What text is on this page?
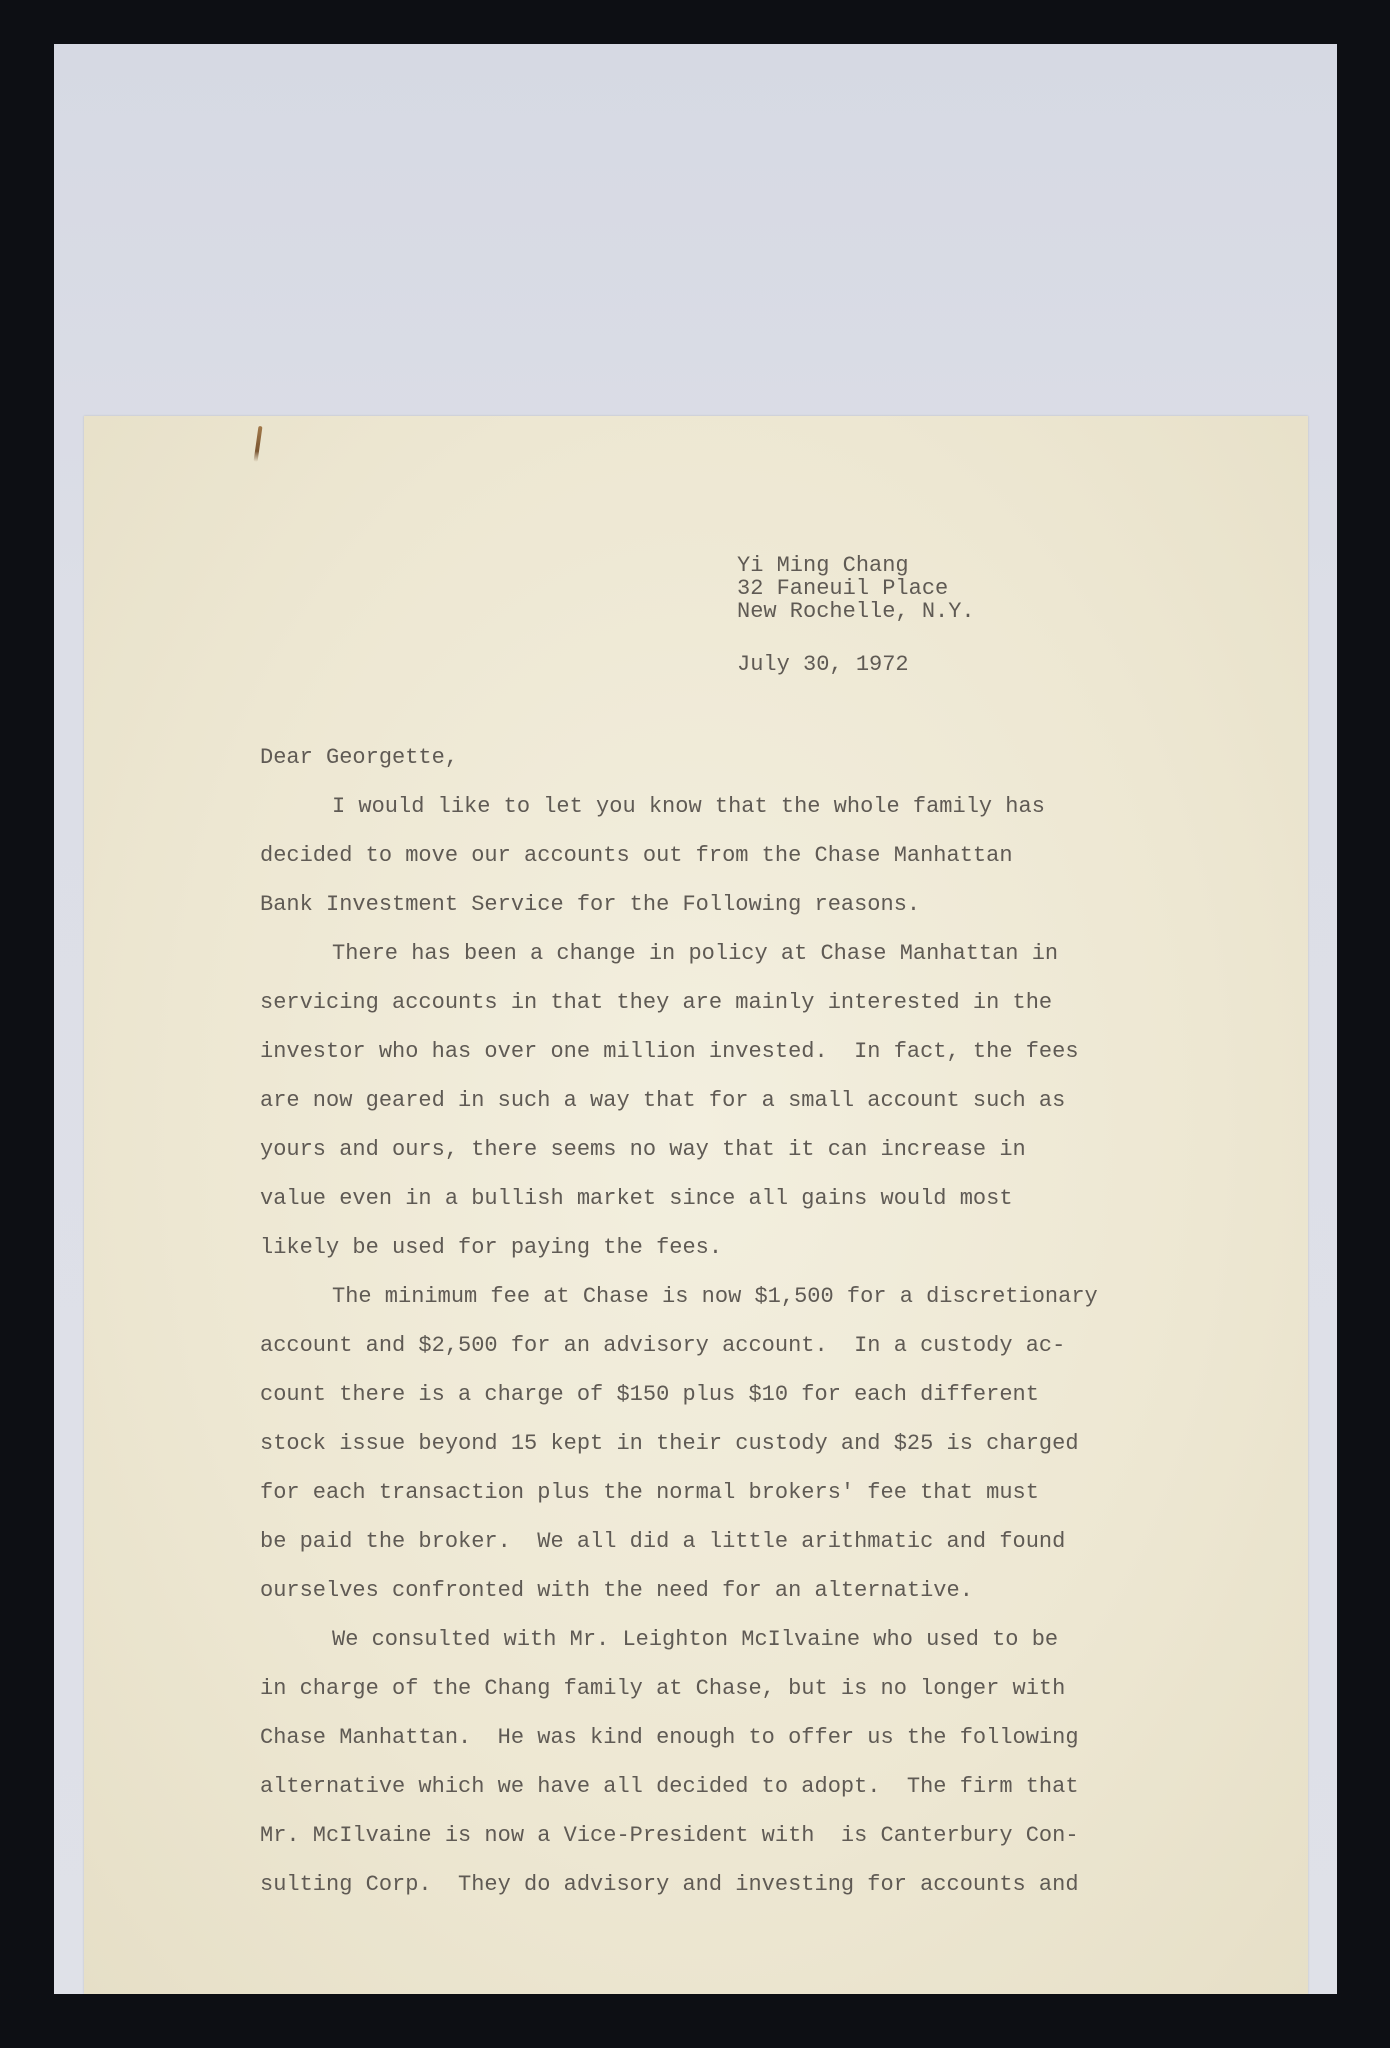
Yi Ming Chang
32 Faneuil Place
New Rochelle, N.Y.
July 30, 1972
Dear Georgette,
I would like to let you know that the whole family has
decided to move our accounts out from the Chase Manhattan
Bank Investment Service for the Following reasons.
There has been a change in policy at Chase Manhattan in
servicing accounts in that they are mainly interested in the
investor who has over one million invested.  In fact, the fees
are now geared in such a way that for a small account such as
yours and ours, there seems no way that it can increase in
value even in a bullish market since all gains would most
likely be used for paying the fees.
The minimum fee at Chase is now $1,500 for a discretionary
account and $2,500 for an advisory account.  In a custody ac-
count there is a charge of $150 plus $10 for each different
stock issue beyond 15 kept in their custody and $25 is charged
for each transaction plus the normal brokers' fee that must
be paid the broker.  We all did a little arithmatic and found
ourselves confronted with the need for an alternative.
We consulted with Mr. Leighton McIlvaine who used to be
in charge of the Chang family at Chase, but is no longer with
Chase Manhattan.  He was kind enough to offer us the following
alternative which we have all decided to adopt.  The firm that
Mr. McIlvaine is now a Vice-President with  is Canterbury Con-
sulting Corp.  They do advisory and investing for accounts and
